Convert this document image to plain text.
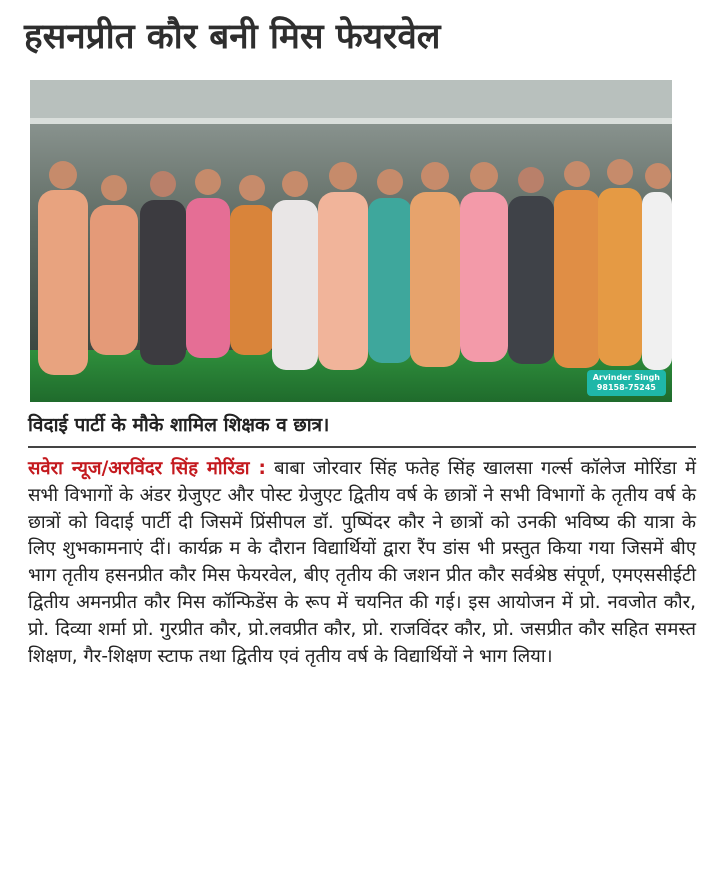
हसनप्रीत कौर बनी मिस फेयरवेल
Arvinder Singh
98158-75245
विदाई पार्टी के मौके शामिल शिक्षक व छात्र।

सवेरा न्यूज/अरविंदर सिंह मोरिंडा : बाबा जोरवार सिंह फतेह सिंह खालसा गर्ल्स कॉलेज मोरिंडा में सभी विभागों के अंडर ग्रेजुएट और पोस्ट ग्रेजुएट द्वितीय वर्ष के छात्रों ने सभी विभागों के तृतीय वर्ष के छात्रों को विदाई पार्टी दी जिसमें प्रिंसीपल डॉ. पुष्पिंदर कौर ने छात्रों को उनकी भविष्य की यात्रा के लिए शुभकामनाएं दीं। कार्यक्र म के दौरान विद्यार्थियों द्वारा रैंप डांस भी प्रस्तुत किया गया जिसमें बीए भाग तृतीय हसनप्रीत कौर मिस फेयरवेल, बीए तृतीय की जशन प्रीत कौर सर्वश्रेष्ठ संपूर्ण, एमएससीईटी द्वितीय अमनप्रीत कौर मिस कॉन्फिडेंस के रूप में चयनित की गई। इस आयोजन में प्रो. नवजोत कौर, प्रो. दिव्या शर्मा प्रो. गुरप्रीत कौर, प्रो.लवप्रीत कौर, प्रो. राजविंदर कौर, प्रो. जसप्रीत कौर सहित समस्त शिक्षण, गैर-शिक्षण स्टाफ तथा द्वितीय एवं तृतीय वर्ष के विद्यार्थियों ने भाग लिया।
